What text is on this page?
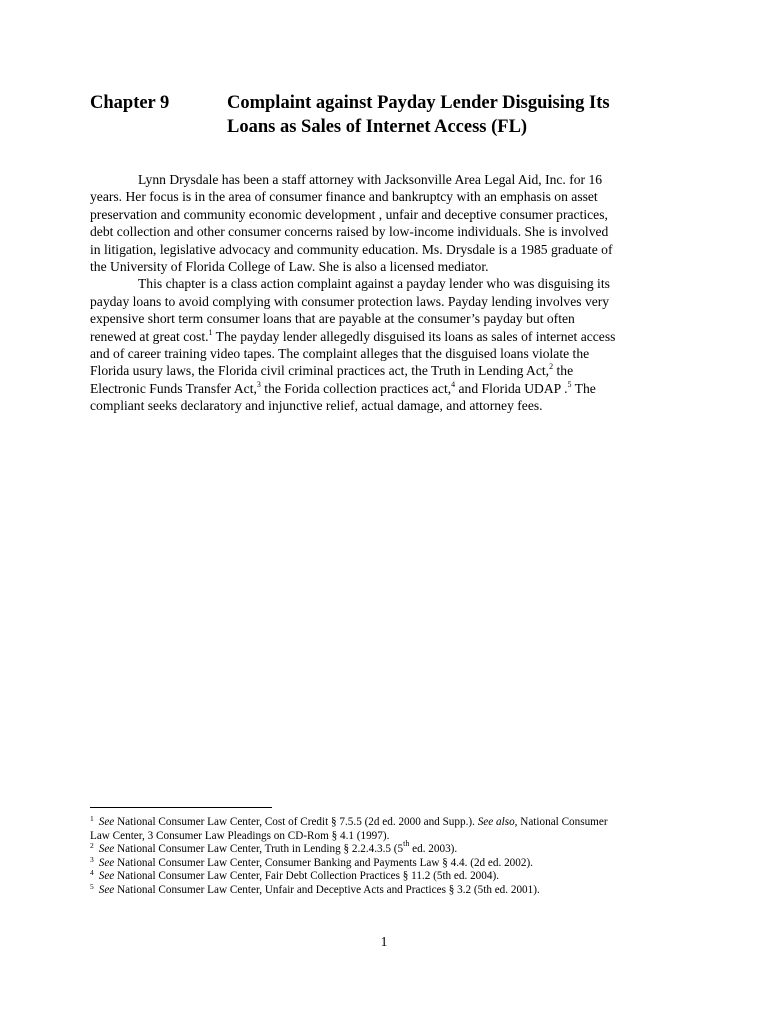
Chapter 9	Complaint against Payday Lender Disguising Its
Loans as Sales of Internet Access (FL)
Lynn Drysdale has been a staff attorney with Jacksonville Area Legal Aid, Inc. for 16
years. Her focus is in the area of consumer finance and bankruptcy with an emphasis on asset
preservation and community economic development , unfair and deceptive consumer practices,
debt collection and other consumer concerns raised by low-income individuals. She is involved
in litigation, legislative advocacy and community education. Ms. Drysdale is a 1985 graduate of
the University of Florida College of Law. She is also a licensed mediator.
This chapter is a class action complaint against a payday lender who was disguising its
payday loans to avoid complying with consumer protection laws. Payday lending involves very
expensive short term consumer loans that are payable at the consumer’s payday but often
renewed at great cost.$^1$ The payday lender allegedly disguised its loans as sales of internet access
and of career training video tapes. The complaint alleges that the disguised loans violate the
Florida usury laws, the Florida civil criminal practices act, the Truth in Lending Act,$^2$ the
Electronic Funds Transfer Act,$^3$ the Forida collection practices act,$^4$ and Florida UDAP .$^5$ The
compliant seeks declaratory and injunctive relief, actual damage, and attorney fees.
$^1$ See National Consumer Law Center, Cost of Credit § 7.5.5 (2d ed. 2000 and Supp.). See also, National Consumer
Law Center, 3 Consumer Law Pleadings on CD-Rom § 4.1 (1997).
$^2$ See National Consumer Law Center, Truth in Lending § 2.2.4.3.5 (5th ed. 2003).
$^3$ See National Consumer Law Center, Consumer Banking and Payments Law § 4.4. (2d ed. 2002).
$^4$ See National Consumer Law Center, Fair Debt Collection Practices § 11.2 (5th ed. 2004).
$^5$ See National Consumer Law Center, Unfair and Deceptive Acts and Practices § 3.2 (5th ed. 2001).
1
